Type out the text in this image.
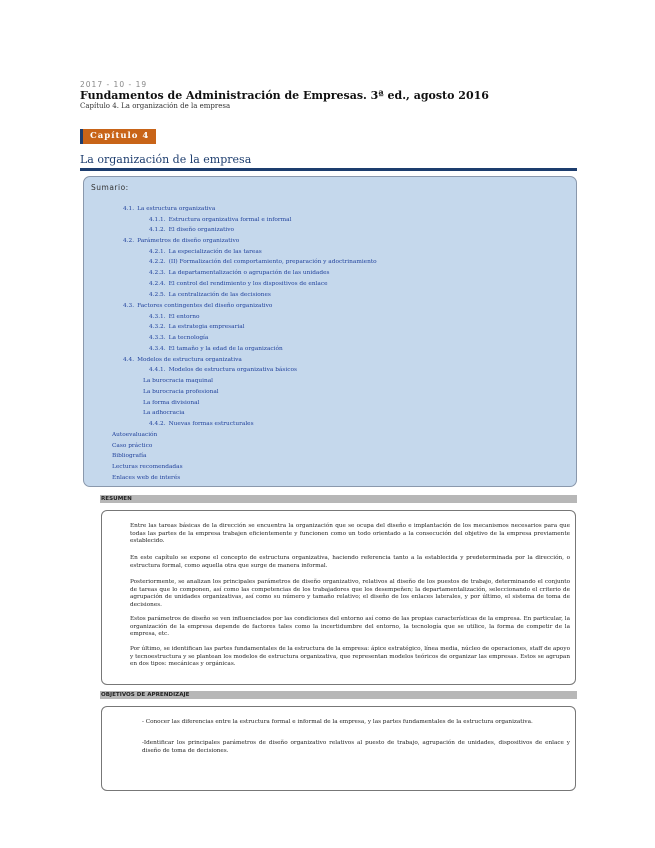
2017 - 10 - 19
Fundamentos de Administración de Empresas. 3ª ed., agosto 2016
Capítulo 4. La organización de la empresa
Capítulo 4
La organización de la empresa
Sumario:
4.1. La estructura organizativa
4.1.1. Estructura organizativa formal e informal
4.1.2. El diseño organizativo
4.2. Parámetros de diseño organizativo
4.2.1. La especialización de las tareas
4.2.2. (II) Formalización del comportamiento, preparación y adoctrinamiento
4.2.3. La departamentalización o agrupación de las unidades
4.2.4. El control del rendimiento y los dispositivos de enlace
4.2.5. La centralización de las decisiones
4.3. Factores contingentes del diseño organizativo
4.3.1. El entorno
4.3.2. La estrategia empresarial
4.3.3. La tecnología
4.3.4. El tamaño y la edad de la organización
4.4. Modelos de estructura organizativa
4.4.1. Modelos de estructura organizativa básicos
La burocracia maquinal
La burocracia profesional
La forma divisional
La adhocracia
4.4.2. Nuevas formas estructurales
Autoevaluación
Caso práctico
Bibliografía
Lecturas recomendadas
Enlaces web de interés
RESUMEN
Entre las tareas básicas de la dirección se encuentra la organización que se ocupa del diseño e implantación de los mecanismos necesarios para que todas las partes de la empresa trabajen eficientemente y funcionen como un todo orientado a la consecución del objetivo de la empresa previamente establecido.
En este capítulo se expone el concepto de estructura organizativa, haciendo referencia tanto a la establecida y predeterminada por la dirección, o estructura formal, como aquella otra que surge de manera informal.
Posteriormente, se analizan los principales parámetros de diseño organizativo, relativos al diseño de los puestos de trabajo, determinando el conjunto de tareas que lo componen, así como las competencias de los trabajadores que los desempeñen; la departamentalización, seleccionando el criterio de agrupación de unidades organizativas, así como su número y tamaño relativo; el diseño de los enlaces laterales, y por último, el sistema de toma de decisiones.
Estos parámetros de diseño se ven influenciados por las condiciones del entorno así como de las propias características de la empresa. En particular, la organización de la empresa depende de factores tales como la incertidumbre del entorno, la tecnología que se utilice, la forma de competir de la empresa, etc.
Por último, se identifican las partes fundamentales de la estructura de la empresa: ápice estratégico, línea media, núcleo de operaciones, staff de apoyo y tecnoestructura y se plantean los modelos de estructura organizativa, que representan modelos teóricos de organizar las empresas. Estos se agrupan en dos tipos: mecánicas y orgánicas.
OBJETIVOS DE APRENDIZAJE
- Conocer las diferencias entre la estructura formal e informal de la empresa, y las partes fundamentales de la estructura organizativa.
-Identificar los principales parámetros de diseño organizativo relativos al puesto de trabajo, agrupación de unidades, dispositivos de enlace y diseño de toma de decisiones.
